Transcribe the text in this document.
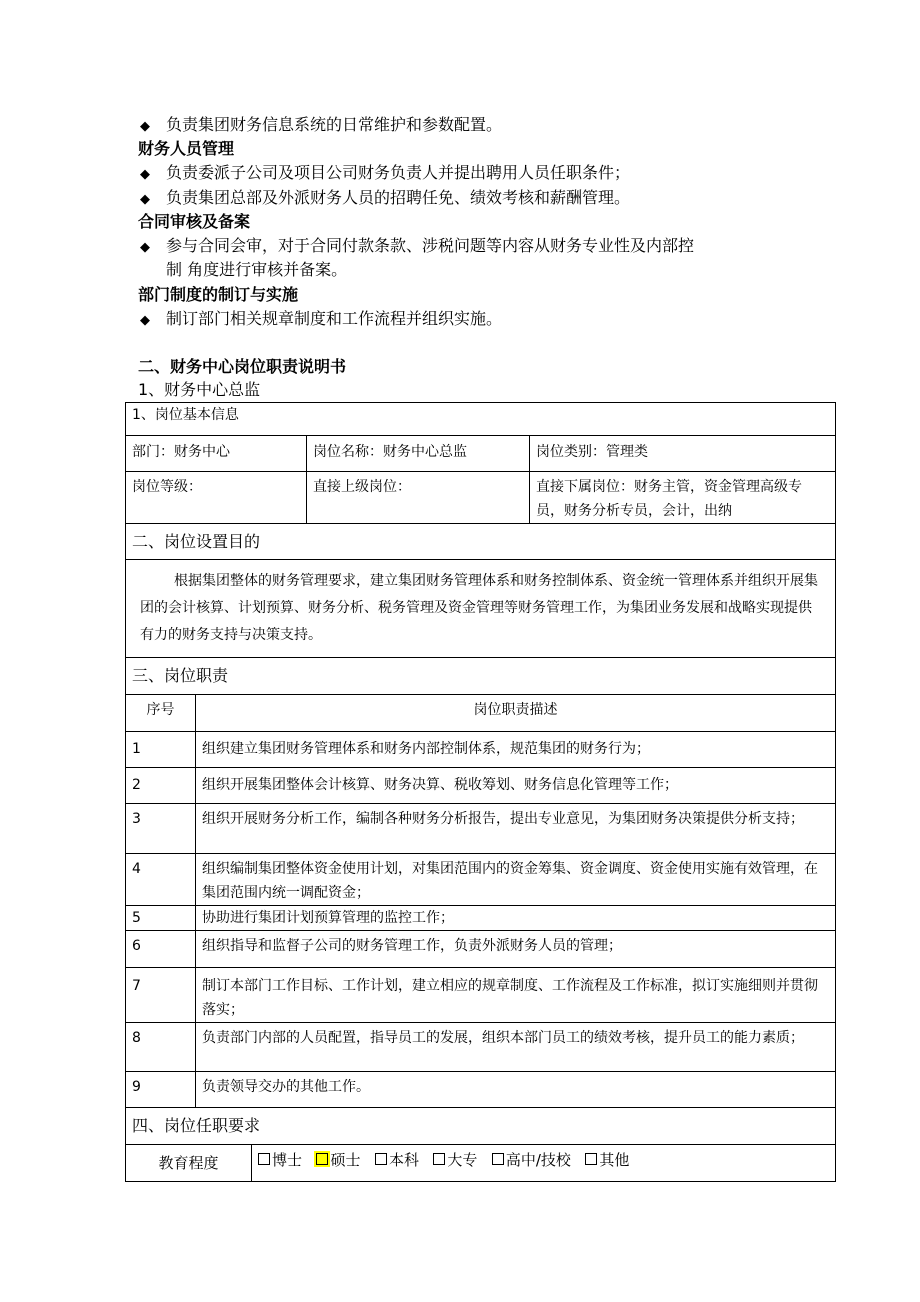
◆ 负责集团财务信息系统的日常维护和参数配置。
财务人员管理
◆ 负责委派子公司及项目公司财务负责人并提出聘用人员任职条件；
◆ 负责集团总部及外派财务人员的招聘任免、绩效考核和薪酬管理。
合同审核及备案
◆ 参与合同会审，对于合同付款条款、涉税问题等内容从财务专业性及内部控
制 角度进行审核并备案。
部门制度的制订与实施
◆ 制订部门相关规章制度和工作流程并组织实施。
二、财务中心岗位职责说明书
1、财务中心总监
1、岗位基本信息				
部门：财务中心			岗位名称：财务中心总监	岗位类别：管理类
岗位等级：			直接上级岗位：	直接下属岗位：财务主管，资金管理高级专员，财务分析专员，会计，出纳
二、岗位设置目的				
根据集团整体的财务管理要求，建立集团财务管理体系和财务控制体系、资金统一管理体系并组织开展集团的会计核算、计划预算、财务分析、税务管理及资金管理等财务管理工作，为集团业务发展和战略实现提供有力的财务支持与决策支持。				
三、岗位职责				
序号	岗位职责描述			
1	组织建立集团财务管理体系和财务内部控制体系，规范集团的财务行为；			
2	组织开展集团整体会计核算、财务决算、税收筹划、财务信息化管理等工作；			
3	组织开展财务分析工作，编制各种财务分析报告，提出专业意见，为集团财务决策提供分析支持；			
4	组织编制集团整体资金使用计划，对集团范围内的资金筹集、资金调度、资金使用实施有效管理，在集团范围内统一调配资金；			
5	协助进行集团计划预算管理的监控工作；			
6	组织指导和监督子公司的财务管理工作，负责外派财务人员的管理；			
7	制订本部门工作目标、工作计划，建立相应的规章制度、工作流程及工作标准，拟订实施细则并贯彻落实；			
8	负责部门内部的人员配置，指导员工的发展，组织本部门员工的绩效考核，提升员工的能力素质；			
9	负责领导交办的其他工作。			
四、岗位任职要求				
教育程度		博士 硕士 本科 大专 高中/技校 其他		
